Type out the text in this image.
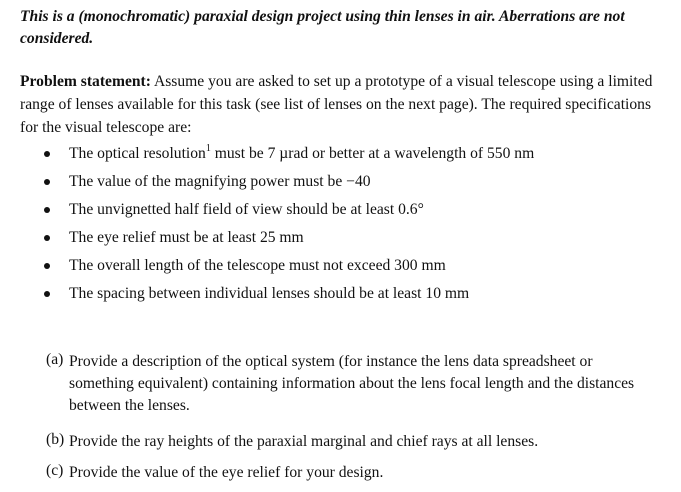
This is a (monochromatic) paraxial design project using thin lenses in air. Aberrations are not considered.
Problem statement: Assume you are asked to set up a prototype of a visual telescope using a limited range of lenses available for this task (see list of lenses on the next page). The required specifications for the visual telescope are:
The optical resolution$^1$ must be 7 µrad or better at a wavelength of 550 nm
The value of the magnifying power must be −40
The unvignetted half field of view should be at least 0.6°
The eye relief must be at least 25 mm
The overall length of the telescope must not exceed 300 mm
The spacing between individual lenses should be at least 10 mm
(a) Provide a description of the optical system (for instance the lens data spreadsheet or something equivalent) containing information about the lens focal length and the distances between the lenses.
(b) Provide the ray heights of the paraxial marginal and chief rays at all lenses.
(c) Provide the value of the eye relief for your design.
